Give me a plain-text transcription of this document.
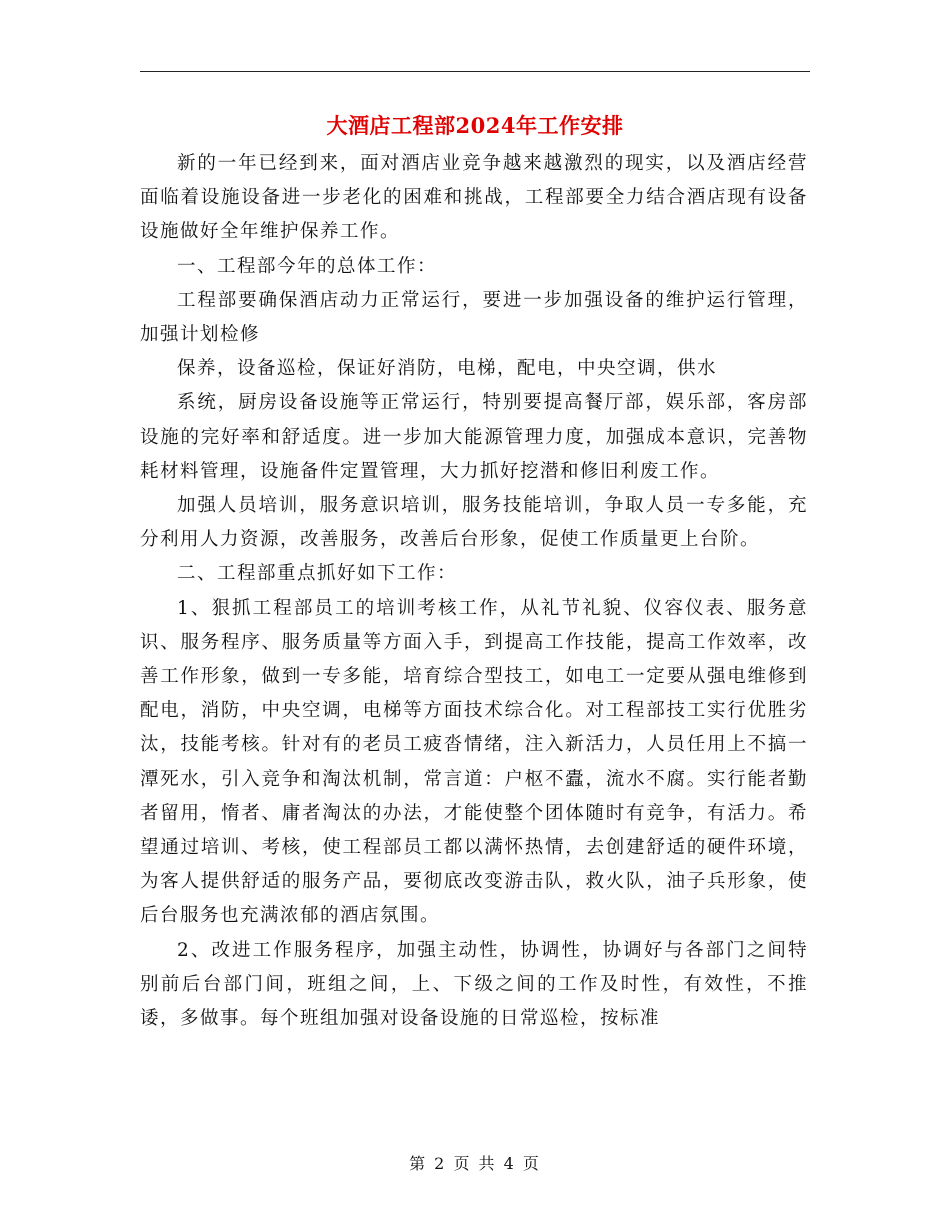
大酒店工程部2024年工作安排

新的一年已经到来，面对酒店业竞争越来越激烈的现实，以及酒店经营面临着设施设备进一步老化的困难和挑战，工程部要全力结合酒店现有设备设施做好全年维护保养工作。

一、工程部今年的总体工作：

工程部要确保酒店动力正常运行，要进一步加强设备的维护运行管理，加强计划检修

保养，设备巡检，保证好消防，电梯，配电，中央空调，供水

系统，厨房设备设施等正常运行，特别要提高餐厅部，娱乐部，客房部设施的完好率和舒适度。进一步加大能源管理力度，加强成本意识，完善物耗材料管理，设施备件定置管理，大力抓好挖潜和修旧利废工作。

加强人员培训，服务意识培训，服务技能培训，争取人员一专多能，充分利用人力资源，改善服务，改善后台形象，促使工作质量更上台阶。

二、工程部重点抓好如下工作：

1、狠抓工程部员工的培训考核工作，从礼节礼貌、仪容仪表、服务意识、服务程序、服务质量等方面入手，到提高工作技能，提高工作效率，改善工作形象，做到一专多能，培育综合型技工，如电工一定要从强电维修到配电，消防，中央空调，电梯等方面技术综合化。对工程部技工实行优胜劣汰，技能考核。针对有的老员工疲沓情绪，注入新活力，人员任用上不搞一潭死水，引入竞争和淘汰机制，常言道：户枢不蠹，流水不腐。实行能者勤者留用，惰者、庸者淘汰的办法，才能使整个团体随时有竞争，有活力。希望通过培训、考核，使工程部员工都以满怀热情，去创建舒适的硬件环境，为客人提供舒适的服务产品，要彻底改变游击队，救火队，油子兵形象，使后台服务也充满浓郁的酒店氛围。

2、改进工作服务程序，加强主动性，协调性，协调好与各部门之间特别前后台部门间，班组之间，上、下级之间的工作及时性，有效性，不推诿，多做事。每个班组加强对设备设施的日常巡检，按标准

第 2 页 共 4 页
